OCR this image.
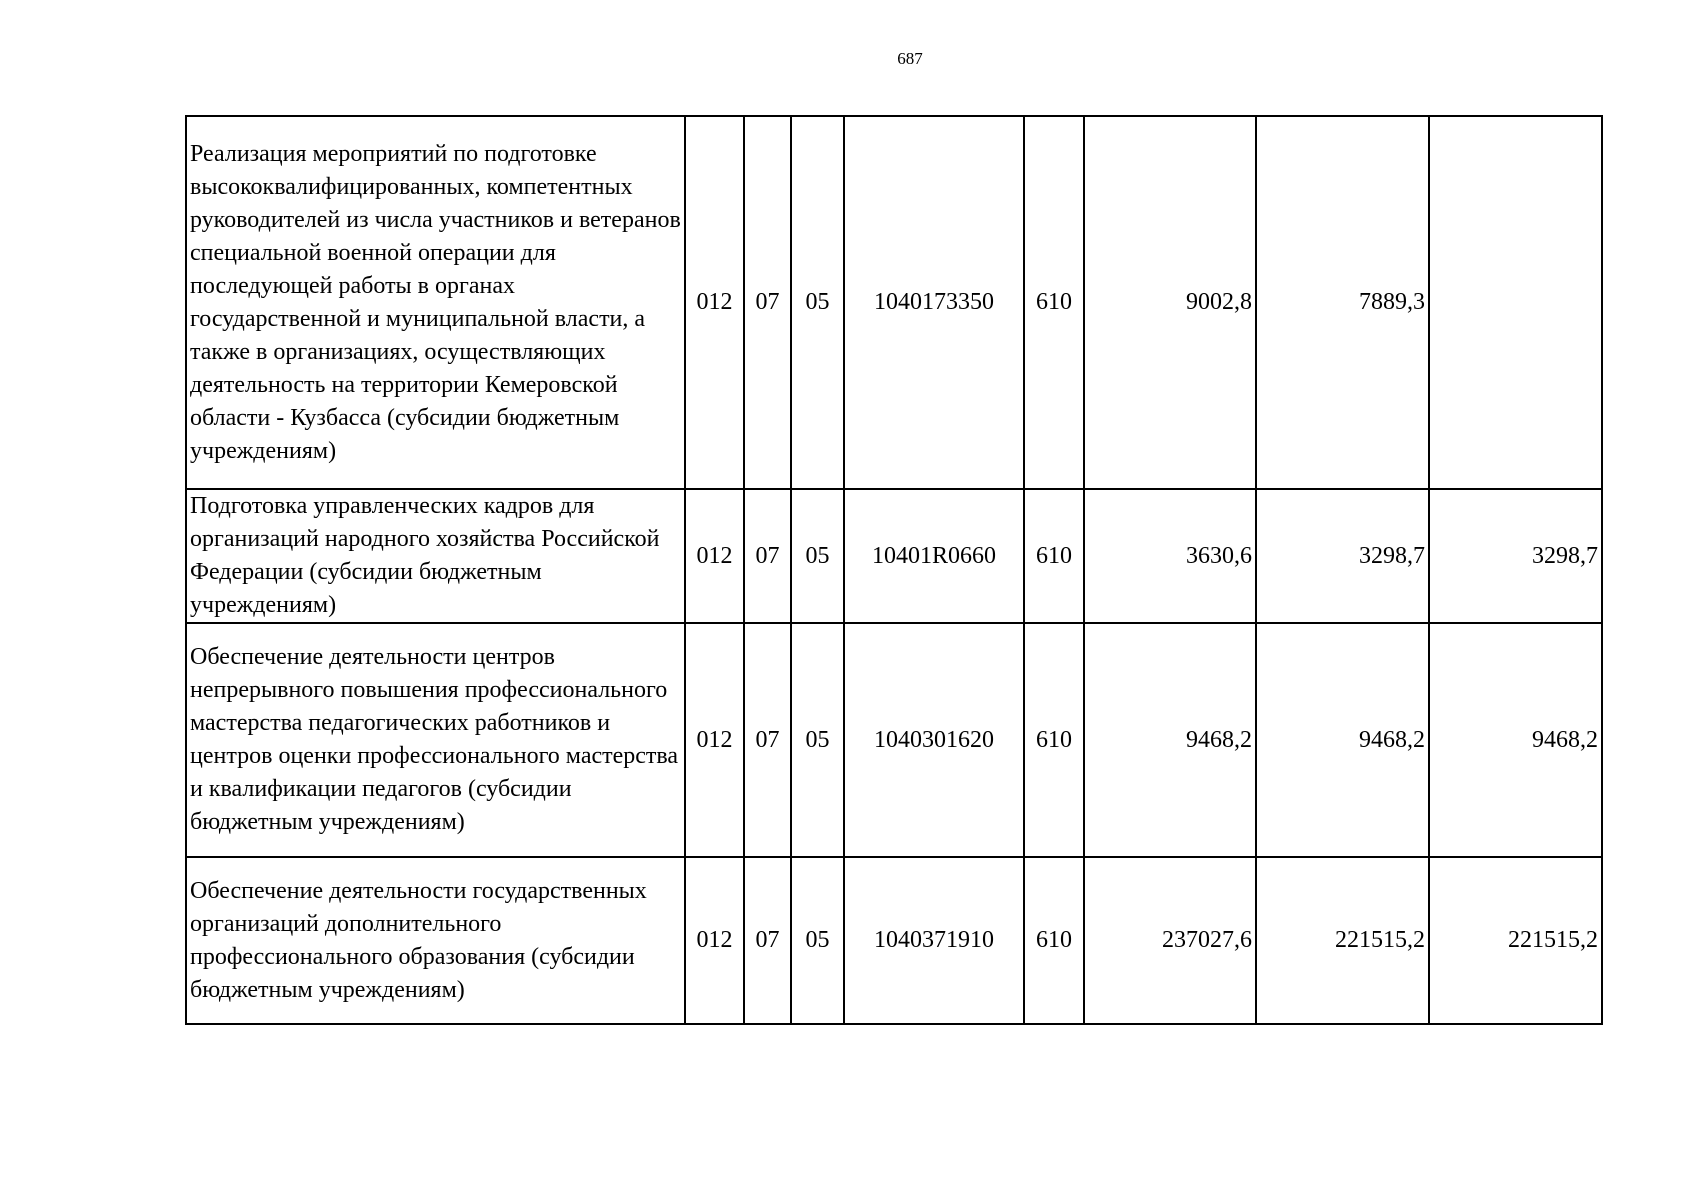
687
Реализация мероприятий по подготовке высококвалифицированных, компетентных руководителей из числа участников и ветеранов специальной военной операции для последующей работы в органах государственной и муниципальной власти, а также в организациях, осуществляющих деятельность на территории Кемеровской области - Кузбасса (субсидии бюджетным учреждениям)	012	07	05	1040173350	610	9002,8	7889,3	
Подготовка управленческих кадров для организаций народного хозяйства Российской Федерации (субсидии бюджетным учреждениям)	012	07	05	10401R0660	610	3630,6	3298,7	3298,7
Обеспечение деятельности центров непрерывного повышения профессионального мастерства педагогических работников и центров оценки профессионального мастерства и квалификации педагогов (субсидии бюджетным учреждениям)	012	07	05	1040301620	610	9468,2	9468,2	9468,2
Обеспечение деятельности государственных организаций дополнительного профессионального образования (субсидии бюджетным учреждениям)	012	07	05	1040371910	610	237027,6	221515,2	221515,2
